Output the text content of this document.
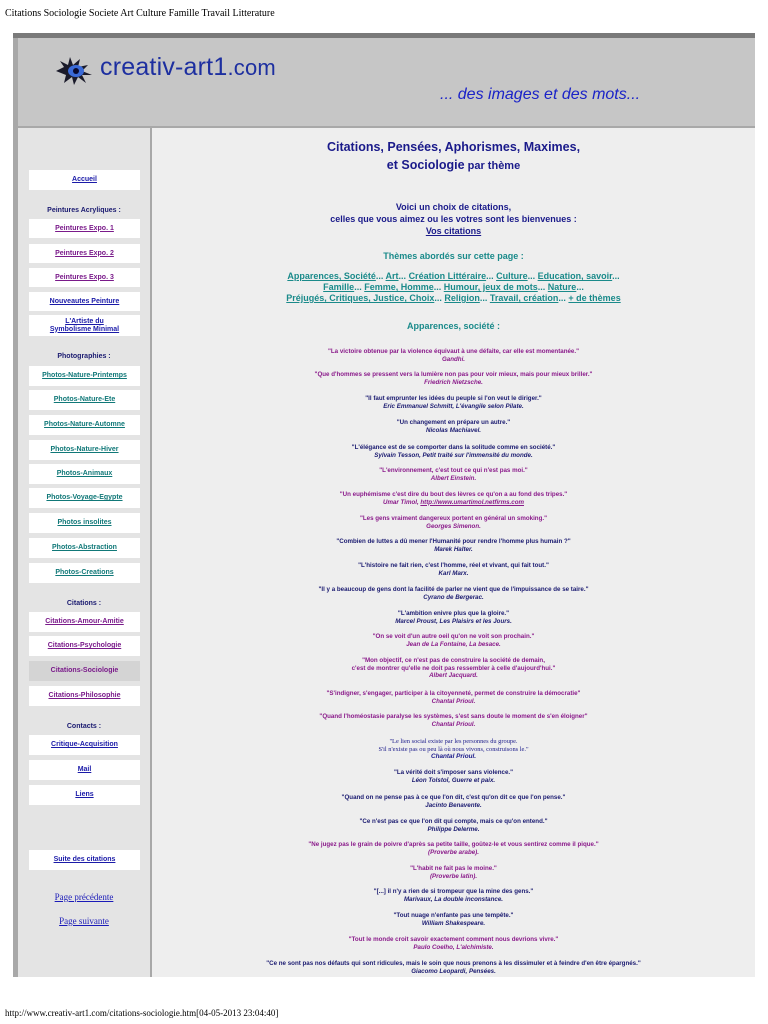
Citations Sociologie Societe Art Culture Famille Travail Litterature
creativ-art1.com
... des images et des mots...
Accueil
Peintures Acryliques :
Peintures Expo. 1
Peintures Expo. 2
Peintures Expo. 3
Nouveautes Peinture
L'Artiste du
Symbolisme Minimal
Photographies :
Photos-Nature-Printemps
Photos-Nature-Ete
Photos-Nature-Automne
Photos-Nature-Hiver
Photos-Animaux
Photos-Voyage-Egypte
Photos insolites
Photos-Abstraction
Photos-Creations
Citations :
Citations-Amour-Amitie
Citations-Psychologie
Citations-Sociologie
Citations-Philosophie
Contacts :
Critique-Acquisition
Mail
Liens
Suite des citations
Page précédente
Page suivante
Citations, Pensées, Aphorismes, Maximes,
et Sociologie par thème
Voici un choix de citations,
celles que vous aimez ou les votres sont les bienvenues :
Vos citations
Thèmes abordés sur cette page :
Apparences, Société... Art... Création Littéraire... Culture... Education, savoir...
Famille... Femme, Homme... Humour, jeux de mots... Nature...
Préjugés, Critiques, Justice, Choix... Religion... Travail, création... + de thèmes
Apparences, société :
"La victoire obtenue par la violence équivaut à une défaite, car elle est momentanée."
Gandhi.
"Que d'hommes se pressent vers la lumière non pas pour voir mieux, mais pour mieux briller."
Friedrich Nietzsche.
"Il faut emprunter les idées du peuple si l'on veut le diriger."
Eric Emmanuel Schmitt, L'évangile selon Pilate.
"Un changement en prépare un autre."
Nicolas Machiavel.
"L'élégance est de se comporter dans la solitude comme en société."
Sylvain Tesson, Petit traité sur l'immensité du monde.
"L'environnement, c'est tout ce qui n'est pas moi."
Albert Einstein.
"Un euphémisme c'est dire du bout des lèvres ce qu'on a au fond des tripes."
Umar Timol, http://www.umartimol.netfirms.com
"Les gens vraiment dangereux portent en général un smoking."
Georges Simenon.
"Combien de luttes a dû mener l'Humanité pour rendre l'homme plus humain ?"
Marek Halter.
"L'histoire ne fait rien, c'est l'homme, réel et vivant, qui fait tout."
Karl Marx.
"Il y a beaucoup de gens dont la facilité de parler ne vient que de l'impuissance de se taire."
Cyrano de Bergerac.
"L'ambition enivre plus que la gloire."
Marcel Proust, Les Plaisirs et les Jours.
"On se voit d'un autre oeil qu'on ne voit son prochain."
Jean de La Fontaine, La besace.
"Mon objectif, ce n'est pas de construire la société de demain,
c'est de montrer qu'elle ne doit pas ressembler à celle d'aujourd'hui."
Albert Jacquard.
"S'indigner, s'engager, participer à la citoyenneté, permet de construire la démocratie"
Chantal Prioul.
"Quand l'homéostasie paralyse les systèmes, s'est sans doute le moment de s'en éloigner"
Chantal Prioul.
"Le lien social existe par les personnes du groupe.
S'il n'existe pas ou peu là où nous vivons, construisons le."
Chantal Prioul.
"La vérité doit s'imposer sans violence."
Léon Tolstoï, Guerre et paix.
"Quand on ne pense pas à ce que l'on dit, c'est qu'on dit ce que l'on pense."
Jacinto Benavente.
"Ce n'est pas ce que l'on dit qui compte, mais ce qu'on entend."
Philippe Delerme.
"Ne jugez pas le grain de poivre d'après sa petite taille, goûtez-le et vous sentirez comme il pique."
(Proverbe arabe).
"L'habit ne fait pas le moine."
(Proverbe latin).
"[...] il n'y a rien de si trompeur que la mine des gens."
Marivaux, La double inconstance.
"Tout nuage n'enfante pas une tempête."
William Shakespeare.
"Tout le monde croit savoir exactement comment nous devrions vivre."
Paulo Coelho, L'alchimiste.
"Ce ne sont pas nos défauts qui sont ridicules, mais le soin que nous prenons à les dissimuler et à feindre d'en être épargnés."
Giacomo Leopardi, Pensées.
http://www.creativ-art1.com/citations-sociologie.htm[04-05-2013 23:04:40]
